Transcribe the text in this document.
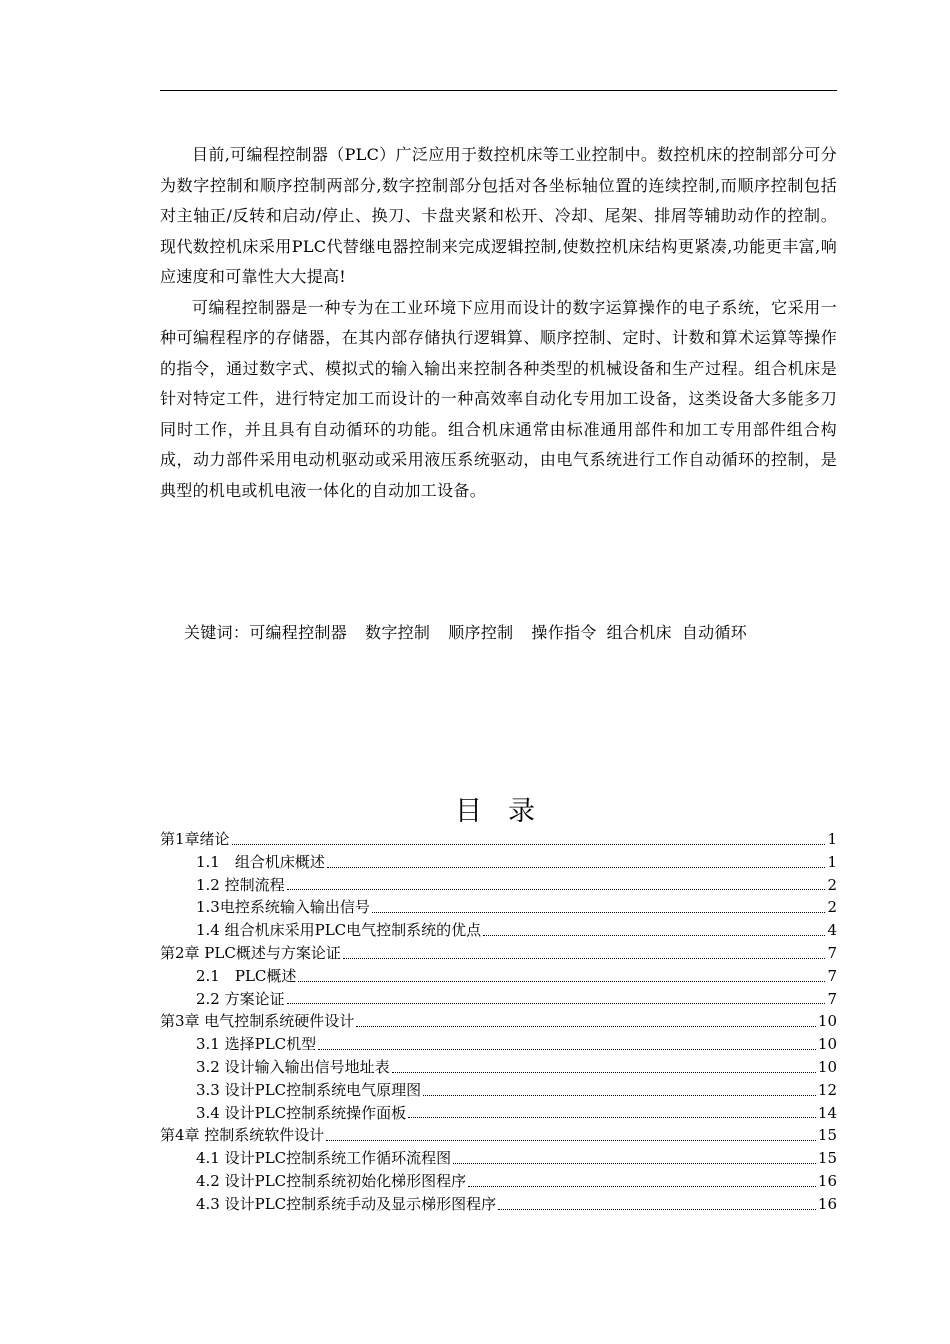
目前,可编程控制器（PLC）广泛应用于数控机床等工业控制中。数控机床的控制部分可分为数字控制和顺序控制两部分,数字控制部分包括对各坐标轴位置的连续控制,而顺序控制包括对主轴正/反转和启动/停止、换刀、卡盘夹紧和松开、冷却、尾架、排屑等辅助动作的控制。现代数控机床采用PLC代替继电器控制来完成逻辑控制,使数控机床结构更紧凑,功能更丰富,响应速度和可靠性大大提高!

可编程控制器是一种专为在工业环境下应用而设计的数字运算操作的电子系统，它采用一种可编程程序的存储器，在其内部存储执行逻辑算、顺序控制、定时、计数和算术运算等操作的指令，通过数字式、模拟式的输入输出来控制各种类型的机械设备和生产过程。组合机床是针对特定工件，进行特定加工而设计的一种高效率自动化专用加工设备，这类设备大多能多刀同时工作，并且具有自动循环的功能。组合机床通常由标准通用部件和加工专用部件组合构成，动力部件采用电动机驱动或采用液压系统驱动，由电气系统进行工作自动循环的控制，是典型的机电或机电液一体化的自动加工设备。

关键词：可编程控制器 数字控制 顺序控制 操作指令 组合机床 自动循环
目录
第1章绪论	1
1.1　组合机床概述	1
1.2 控制流程	2
1.3电控系统输入输出信号	2
1.4 组合机床采用PLC电气控制系统的优点	4
第2章 PLC概述与方案论证	7
2.1　PLC概述	7
2.2 方案论证	7
第3章 电气控制系统硬件设计	10
3.1 选择PLC机型	10
3.2 设计输入输出信号地址表	10
3.3 设计PLC控制系统电气原理图	12
3.4 设计PLC控制系统操作面板	14
第4章 控制系统软件设计	15
4.1 设计PLC控制系统工作循环流程图	15
4.2 设计PLC控制系统初始化梯形图程序	16
4.3 设计PLC控制系统手动及显示梯形图程序	16
